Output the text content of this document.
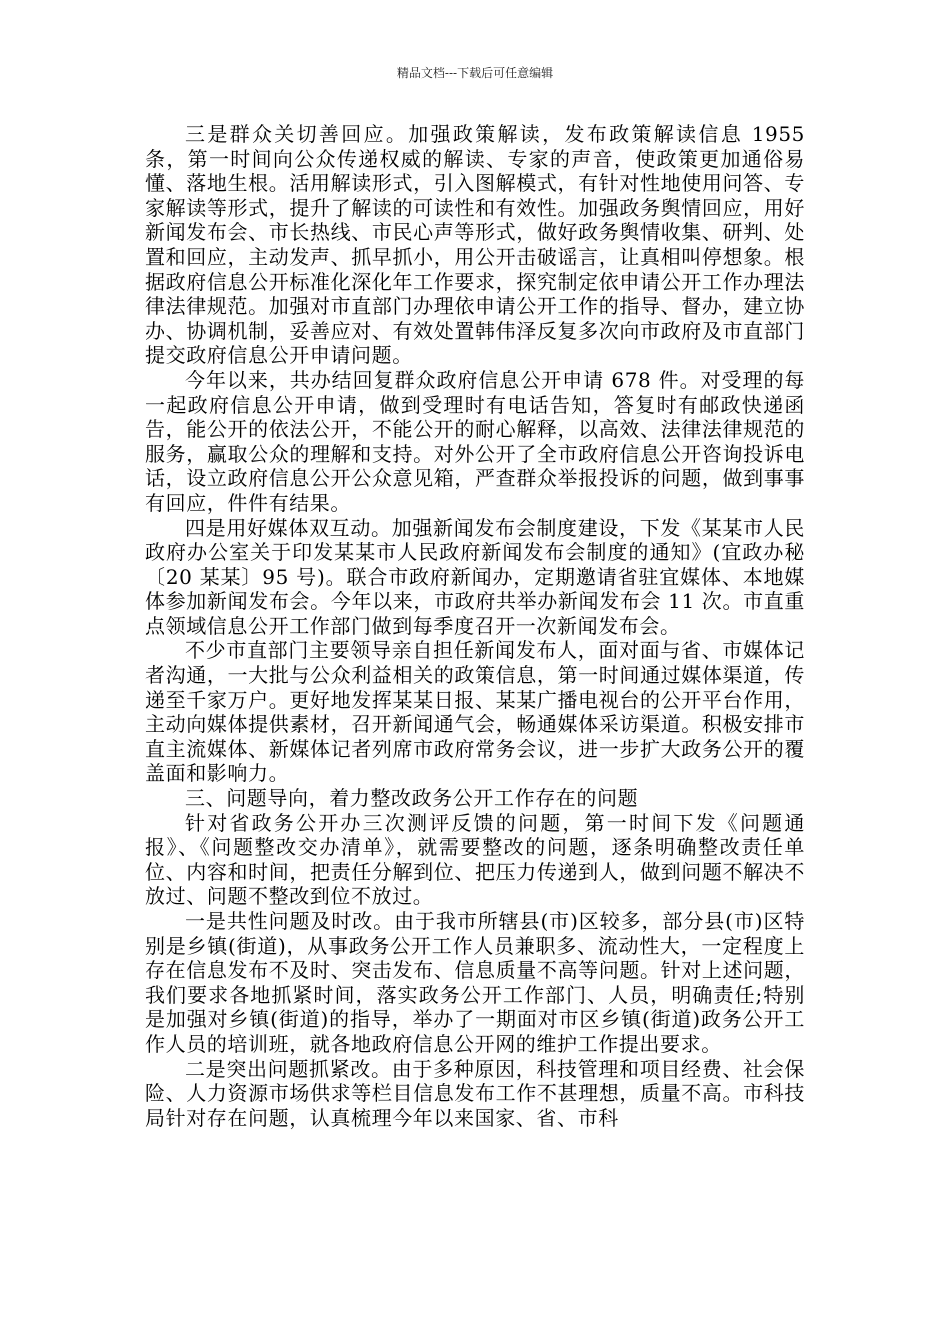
精品文档---下载后可任意编辑

三是群众关切善回应。加强政策解读，发布政策解读信息 1955 条，第一时间向公众传递权威的解读、专家的声音，使政策更加通俗易懂、落地生根。活用解读形式，引入图解模式，有针对性地使用问答、专家解读等形式，提升了解读的可读性和有效性。加强政务舆情回应，用好新闻发布会、市长热线、市民心声等形式，做好政务舆情收集、研判、处置和回应，主动发声、抓早抓小，用公开击破谣言，让真相叫停想象。根据政府信息公开标准化深化年工作要求，探究制定依申请公开工作办理法律法律规范。加强对市直部门办理依申请公开工作的指导、督办，建立协办、协调机制，妥善应对、有效处置韩伟泽反复多次向市政府及市直部门提交政府信息公开申请问题。

今年以来，共办结回复群众政府信息公开申请 678 件。对受理的每一起政府信息公开申请，做到受理时有电话告知，答复时有邮政快递函告，能公开的依法公开，不能公开的耐心解释，以高效、法律法律规范的服务，赢取公众的理解和支持。对外公开了全市政府信息公开咨询投诉电话，设立政府信息公开公众意见箱，严查群众举报投诉的问题，做到事事有回应，件件有结果。

四是用好媒体双互动。加强新闻发布会制度建设，下发《某某市人民政府办公室关于印发某某市人民政府新闻发布会制度的通知》(宜政办秘〔20 某某〕95 号)。联合市政府新闻办，定期邀请省驻宜媒体、本地媒体参加新闻发布会。今年以来，市政府共举办新闻发布会 11 次。市直重点领域信息公开工作部门做到每季度召开一次新闻发布会。

不少市直部门主要领导亲自担任新闻发布人，面对面与省、市媒体记者沟通，一大批与公众利益相关的政策信息，第一时间通过媒体渠道，传递至千家万户。更好地发挥某某日报、某某广播电视台的公开平台作用，主动向媒体提供素材，召开新闻通气会，畅通媒体采访渠道。积极安排市直主流媒体、新媒体记者列席市政府常务会议，进一步扩大政务公开的覆盖面和影响力。

三、问题导向，着力整改政务公开工作存在的问题

针对省政务公开办三次测评反馈的问题，第一时间下发《问题通报》、《问题整改交办清单》，就需要整改的问题，逐条明确整改责任单位、内容和时间，把责任分解到位、把压力传递到人，做到问题不解决不放过、问题不整改到位不放过。

一是共性问题及时改。由于我市所辖县(市)区较多，部分县(市)区特别是乡镇(街道)，从事政务公开工作人员兼职多、流动性大，一定程度上存在信息发布不及时、突击发布、信息质量不高等问题。针对上述问题，我们要求各地抓紧时间，落实政务公开工作部门、人员，明确责任;特别是加强对乡镇(街道)的指导，举办了一期面对市区乡镇(街道)政务公开工作人员的培训班，就各地政府信息公开网的维护工作提出要求。

二是突出问题抓紧改。由于多种原因，科技管理和项目经费、社会保险、人力资源市场供求等栏目信息发布工作不甚理想，质量不高。市科技局针对存在问题，认真梳理今年以来国家、省、市科
